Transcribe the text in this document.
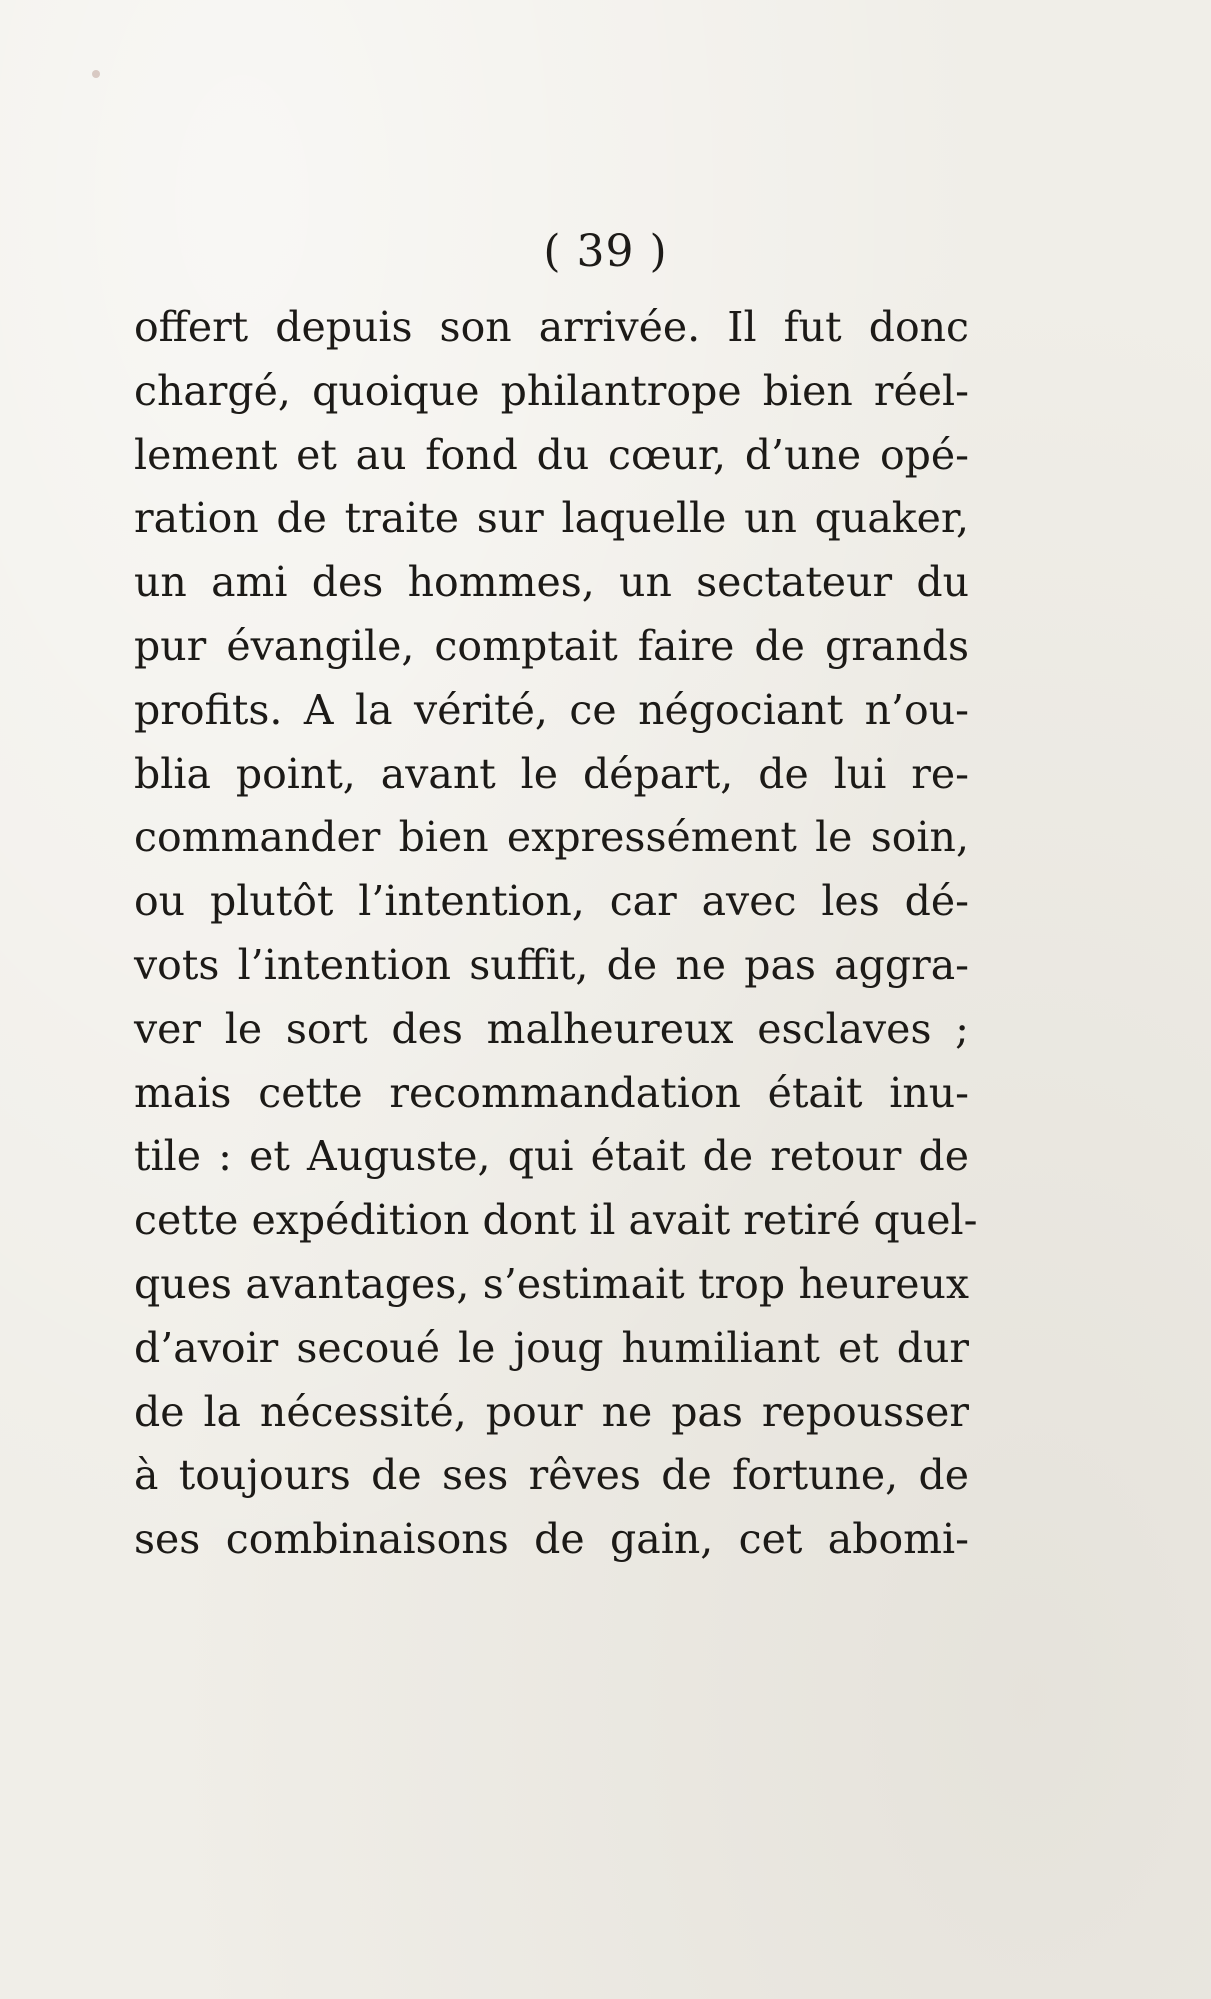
( 39 )
offert depuis son arrivée. Il fut donc
chargé, quoique philantrope bien réel-
lement et au fond du cœur, d’une opé-
ration de traite sur laquelle un quaker,
un ami des hommes, un sectateur du
pur évangile, comptait faire de grands
profits. A la vérité, ce négociant n’ou-
blia point, avant le départ, de lui re-
commander bien expressément le soin,
ou plutôt l’intention, car avec les dé-
vots l’intention suffit, de ne pas aggra-
ver le sort des malheureux esclaves ;
mais cette recommandation était inu-
tile : et Auguste, qui était de retour de
cette expédition dont il avait retiré quel-
ques avantages, s’estimait trop heureux
d’avoir secoué le joug humiliant et dur
de la nécessité, pour ne pas repousser
à toujours de ses rêves de fortune, de
ses combinaisons de gain, cet abomi-
